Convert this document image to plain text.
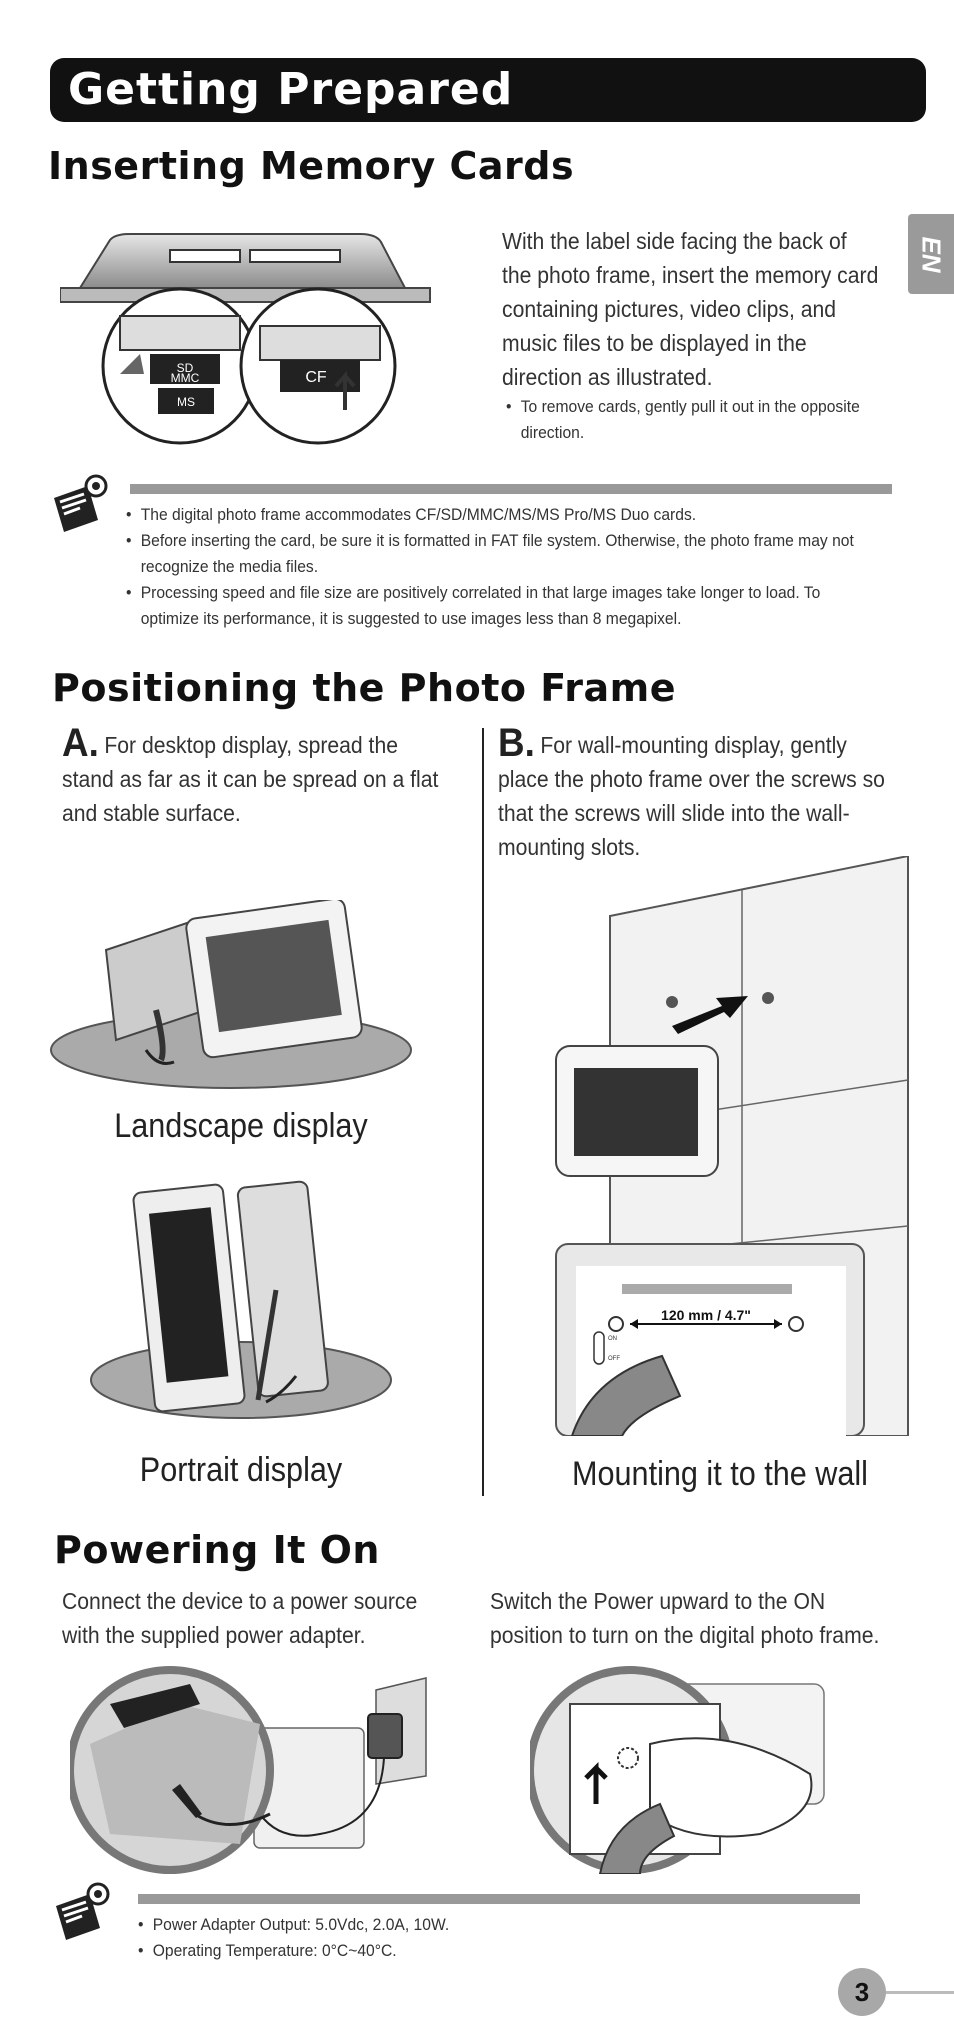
Getting Prepared
EN
Inserting Memory Cards
SD
MMC
MS
CF
With the label side facing the back of the photo frame, insert the memory card containing pictures, video clips, and music files to be displayed in the direction as illustrated.
• To remove cards, gently pull it out in the opposite direction.
• The digital photo frame accommodates CF/SD/MMC/MS/MS Pro/MS Duo cards.
• Before inserting the card, be sure it is formatted in FAT file system. Otherwise, the photo frame may not recognize the media files.
• Processing speed and file size are positively correlated in that large images take longer to load. To optimize its performance, it is suggested to use images less than 8 megapixel.
Positioning the Photo Frame
A. For desktop display, spread the stand as far as it can be spread on a flat and stable surface.
B. For wall-mounting display, gently place the photo frame over the screws so that the screws will slide into the wall-mounting slots.
Landscape display
Portrait display
120 mm / 4.7"
ON
OFF
Mounting it to the wall
Powering It On
Connect the device to a power source with the supplied power adapter.
Switch the Power upward to the ON position to turn on the digital photo frame.
• Power Adapter Output: 5.0Vdc, 2.0A, 10W.
• Operating Temperature: 0°C~40°C.
3
